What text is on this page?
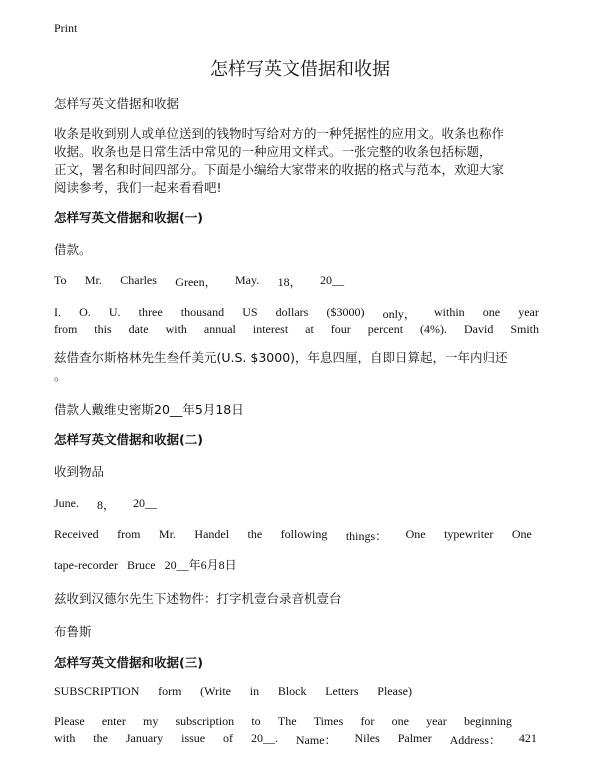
Print
怎样写英文借据和收据
怎样写英文借据和收据
收条是收到别人或单位送到的钱物时写给对方的一种凭据性的应用文。收条也称作
收据。收条也是日常生活中常见的一种应用文样式。一张完整的收条包括标题，
正文，署名和时间四部分。下面是小编给大家带来的收据的格式与范本，欢迎大家
阅读参考，我们一起来看看吧!
怎样写英文借据和收据(一)
借款。
To Mr. Charles Green， May. 18， 20__
I. O. U. three thousand US dollars ($3000) only， within one year
from this date with annual interest at four percent (4%). David Smith
兹借查尔斯格林先生叁仟美元(U.S. $3000)，年息四厘，自即日算起，一年内归还
。
借款人戴维史密斯20__年5月18日
怎样写英文借据和收据(二)
收到物品
June. 8， 20__
Received from Mr. Handel the following things： One typewriter One
tape-recorder   Bruce   20__年6月8日
兹收到汉德尔先生下述物件：打字机壹台录音机壹台
布鲁斯
怎样写英文借据和收据(三)
SUBSCRIPTION form (Write in Block Letters Please)
Please enter my subscription to The Times for one year beginning
with the January issue of 20__. Name： Niles Palmer Address： 421
